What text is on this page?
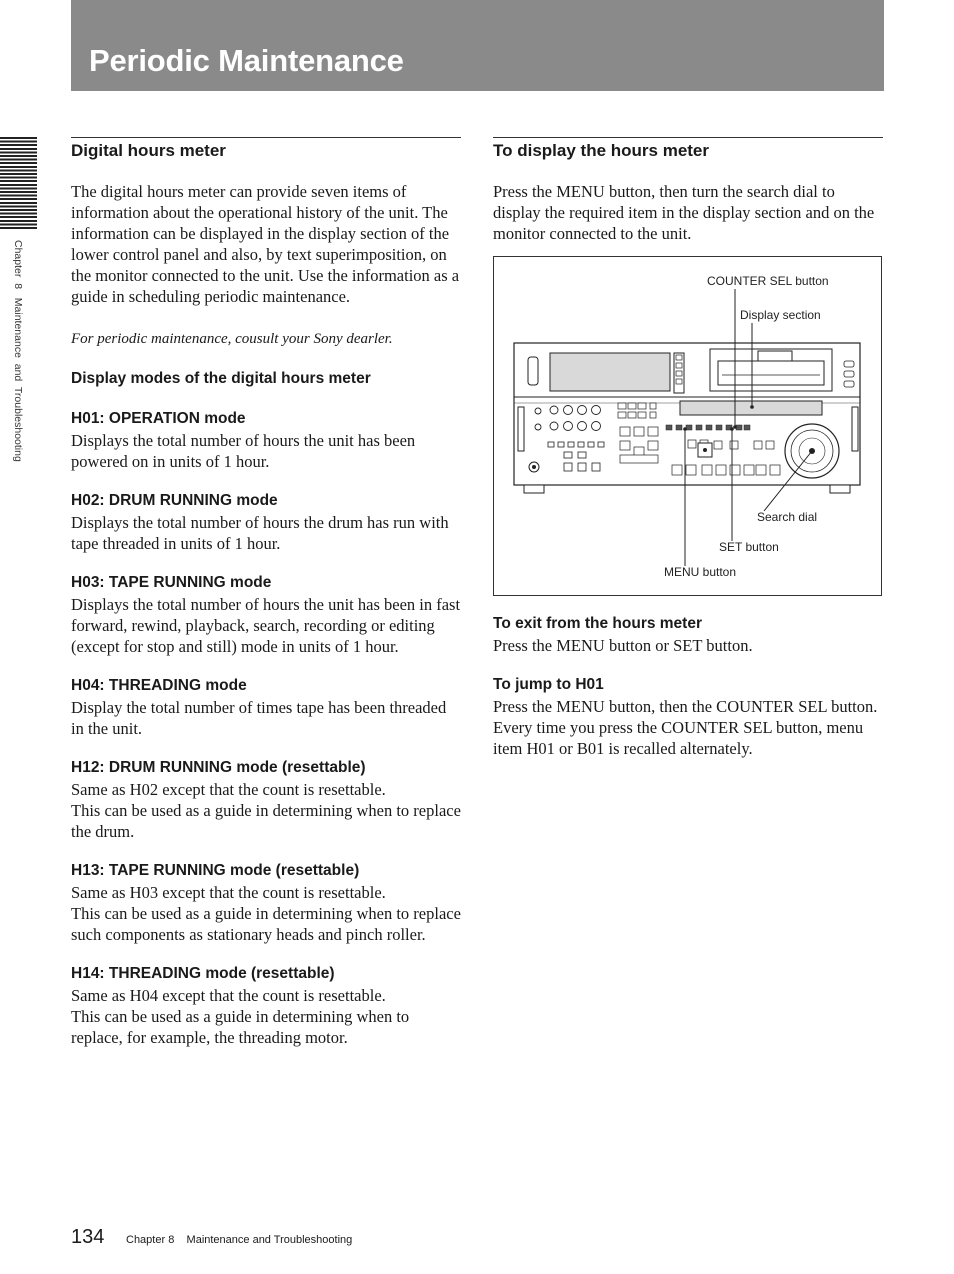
Periodic Maintenance
Chapter  8   Maintenance  and  Troubleshooting
Digital hours meter

The digital hours meter can provide seven items of information about the operational history of the unit. The information can be displayed in the display section of the lower control panel and also, by text superimposition, on the monitor connected to the unit. Use the information as a guide in scheduling periodic maintenance.

For periodic maintenance, cousult your Sony dearler.

Display modes of the digital hours meter
H01: OPERATION mode

Displays the total number of hours the unit has been powered on in units of 1 hour.

H02: DRUM RUNNING mode

Displays the total number of hours the drum has run with tape threaded in units of 1 hour.

H03: TAPE RUNNING mode

Displays the total number of hours the unit has been in fast forward, rewind, playback, search, recording or editing (except for stop and still) mode in units of 1 hour.

H04: THREADING mode

Display the total number of times tape has been threaded in the unit.

H12: DRUM RUNNING mode (resettable)

Same as H02 except that the count is resettable.

This can be used as a guide in determining when to replace the drum.

H13: TAPE RUNNING mode (resettable)

Same as H03 except that the count is resettable.

This can be used as a guide in determining when to replace such components as stationary heads and pinch roller.

H14: THREADING mode (resettable)

Same as H04 except that the count is resettable.

This can be used as a guide in determining when to replace, for example, the threading motor.

To display the hours meter

Press the MENU button, then turn the search dial to display the required item in the display section and on the monitor connected to the unit.

COUNTER SEL button
Display section
Search dial
SET button
MENU button
To exit from the hours meter

Press the MENU button or SET button.

To jump to H01

Press the MENU button, then the COUNTER SEL button.

Every time you press the COUNTER SEL button, menu item H01 or B01 is recalled alternately.

134 Chapter 8    Maintenance and Troubleshooting
